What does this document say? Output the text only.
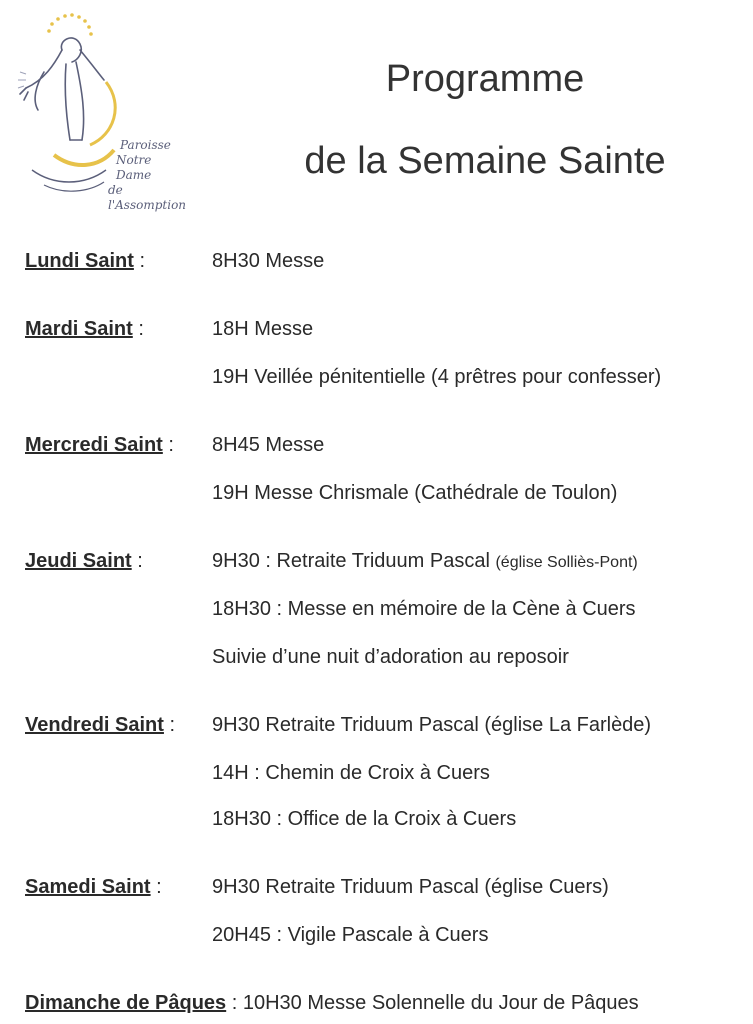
Paroisse
Notre Dame
de l'Assomption
Programme
de la Semaine Sainte
Lundi Saint :	8H30 Messe
Mardi Saint :	18H Messe
19H Veillée pénitentielle (4 prêtres pour confesser)
Mercredi Saint : 8H45 Messe
19H Messe Chrismale (Cathédrale de Toulon)
Jeudi Saint :	9H30 : Retraite Triduum Pascal (église Solliès-Pont)
18H30 : Messe en mémoire de la Cène à Cuers
Suivie d’une nuit d’adoration au reposoir
Vendredi Saint : 9H30 Retraite Triduum Pascal (église La Farlède)
14H : Chemin de Croix à Cuers
18H30 : Office de la Croix à Cuers
Samedi Saint :	9H30 Retraite Triduum Pascal (église Cuers)
20H45 : Vigile Pascale à Cuers
Dimanche de Pâques : 10H30 Messe Solennelle du Jour de Pâques
